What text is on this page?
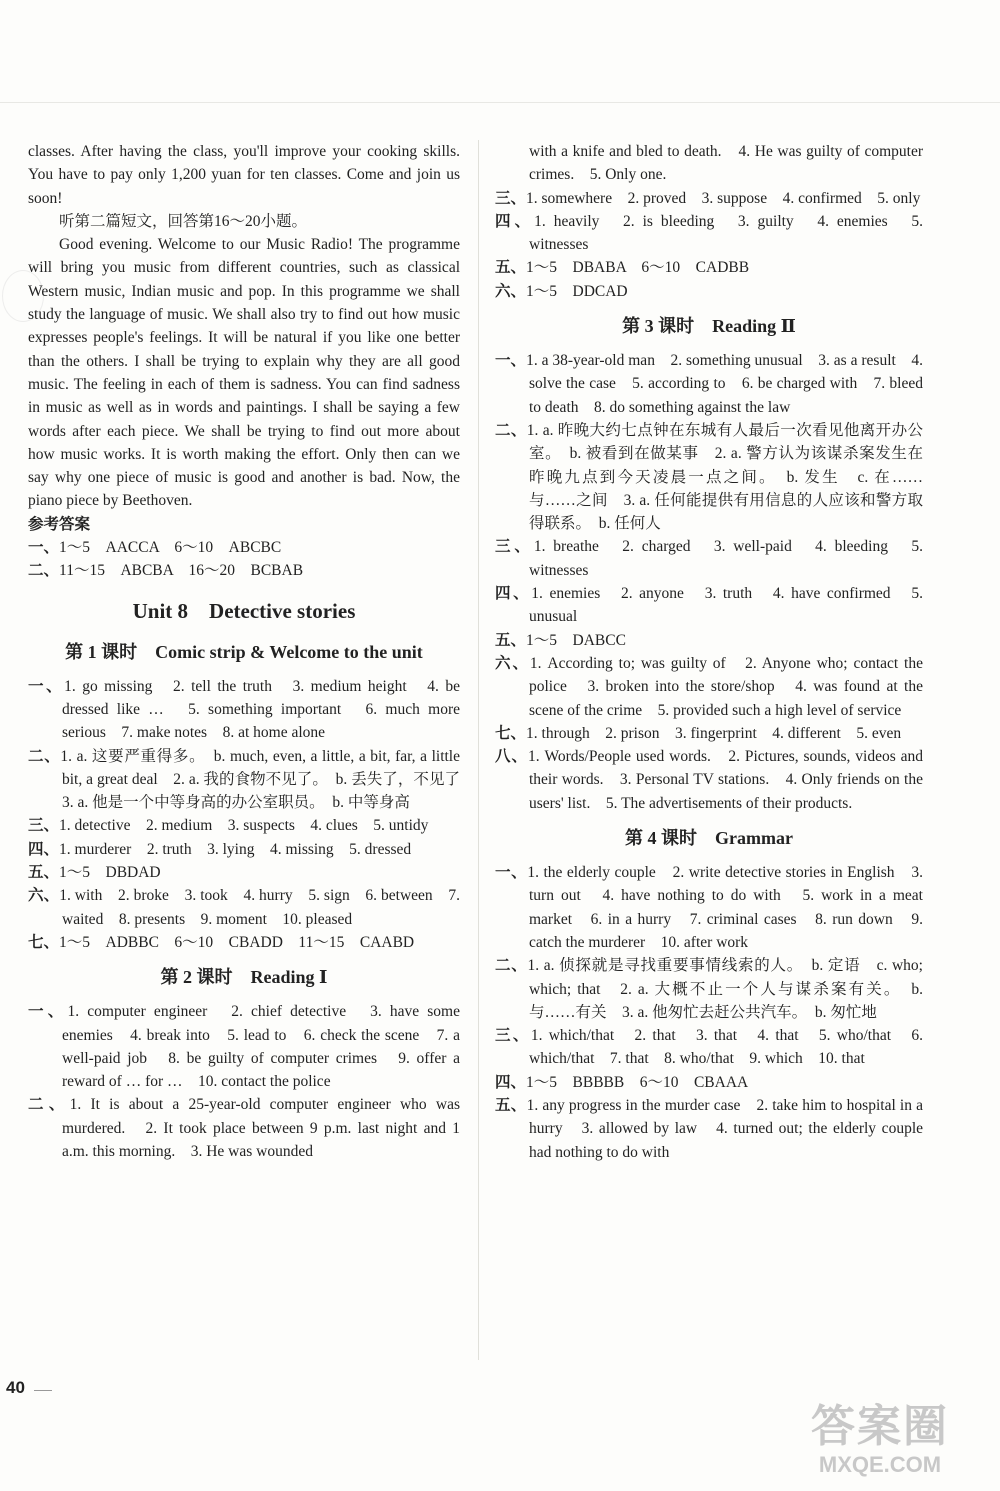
classes. After having the class, you'll improve your cooking skills. You have to pay only 1,200 yuan for ten classes. Come and join us soon!

听第二篇短文，回答第16～20小题。

Good evening. Welcome to our Music Radio! The programme will bring you music from different countries, such as classical Western music, Indian music and pop. In this programme we shall study the language of music. We shall also try to find out how music expresses people's feelings. It will be natural if you like one better than the others. I shall be trying to explain why they are all good music. The feeling in each of them is sadness. You can find sadness in music as well as in words and paintings. I shall be saying a few words after each piece. We shall be trying to find out more about how music works. It is worth making the effort. Only then can we say why one piece of music is good and another is bad. Now, the piano piece by Beethoven.

参考答案

一、1～5　AACCA　6～10　ABCBC

二、11～15　ABCBA　16～20　BCBAB

Unit 8　Detective stories
第 1 课时　Comic strip & Welcome to the unit

一、1. go missing　2. tell the truth　3. medium height　4. be dressed like …　5. something important　6. much more serious　7. make notes　8. at home alone

二、1. a. 这要严重得多。　b. much, even, a little, a bit, far, a little bit, a great deal　2. a. 我的食物不见了。　b. 丢失了，不见了　3. a. 他是一个中等身高的办公室职员。　b. 中等身高

三、1. detective　2. medium　3. suspects　4. clues　5. untidy

四、1. murderer　2. truth　3. lying　4. missing　5. dressed

五、1～5　DBDAD

六、1. with　2. broke　3. took　4. hurry　5. sign　6. between　7. waited　8. presents　9. moment　10. pleased

七、1～5　ADBBC　6～10　CBADD　11～15　CAABD

第 2 课时　Reading Ⅰ

一、1. computer engineer　2. chief detective　3. have some enemies　4. break into　5. lead to　6. check the scene　7. a well-paid job　8. be guilty of computer crimes　9. offer a reward of … for …　10. contact the police

二、1. It is about a 25-year-old computer engineer who was murdered.　2. It took place between 9 p.m. last night and 1 a.m. this morning.　3. He was wounded

with a knife and bled to death.　4. He was guilty of computer crimes.　5. Only one.

三、1. somewhere　2. proved　3. suppose　4. confirmed　5. only

四、1. heavily　2. is bleeding　3. guilty　4. enemies　5. witnesses

五、1～5　DBABA　6～10　CADBB

六、1～5　DDCAD

第 3 课时　Reading Ⅱ

一、1. a 38-year-old man　2. something unusual　3. as a result　4. solve the case　5. according to　6. be charged with　7. bleed to death　8. do something against the law

二、1. a. 昨晚大约七点钟在东城有人最后一次看见他离开办公室。　b. 被看到在做某事　2. a. 警方认为该谋杀案发生在昨晚九点到今天凌晨一点之间。　b. 发生　c. 在……与……之间　3. a. 任何能提供有用信息的人应该和警方取得联系。　b. 任何人

三、1. breathe　2. charged　3. well-paid　4. bleeding　5. witnesses

四、1. enemies　2. anyone　3. truth　4. have confirmed　5. unusual

五、1～5　DABCC

六、1. According to; was guilty of　2. Anyone who; contact the police　3. broken into the store/shop　4. was found at the scene of the crime　5. provided such a high level of service

七、1. through　2. prison　3. fingerprint　4. different　5. even

八、1. Words/People used words.　2. Pictures, sounds, videos and their words.　3. Personal TV stations.　4. Only friends on the users' list.　5. The advertisements of their products.

第 4 课时　Grammar

一、1. the elderly couple　2. write detective stories in English　3. turn out　4. have nothing to do with　5. work in a meat market　6. in a hurry　7. criminal cases　8. run down　9. catch the murderer　10. after work

二、1. a. 侦探就是寻找重要事情线索的人。　b. 定语　c. who; which; that　2. a. 大概不止一个人与谋杀案有关。　b. 与……有关　3. a. 他匆忙去赶公共汽车。　b. 匆忙地

三、1. which/that　2. that　3. that　4. that　5. who/that　6. which/that　7. that　8. who/that　9. which　10. that

四、1～5　BBBBB　6～10　CBAAA

五、1. any progress in the murder case　2. take him to hospital in a hurry　3. allowed by law　4. turned out; the elderly couple had nothing to do with

40
答案圈
MXQE.COM
